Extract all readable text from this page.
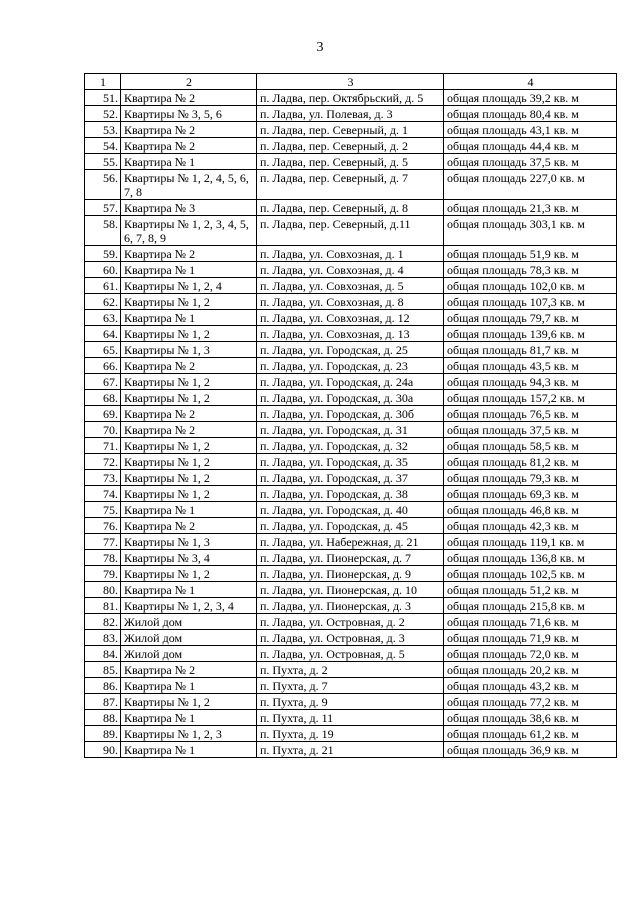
3
1	2	3	4
51.	Квартира № 2	п. Ладва, пер. Октябрьский, д. 5	общая площадь 39,2 кв. м
52.	Квартиры № 3, 5, 6	п. Ладва, ул. Полевая, д. 3	общая площадь 80,4 кв. м
53.	Квартира № 2	п. Ладва, пер. Северный, д. 1	общая площадь 43,1 кв. м
54.	Квартира № 2	п. Ладва, пер. Северный, д. 2	общая площадь 44,4 кв. м
55.	Квартира № 1	п. Ладва, пер. Северный, д. 5	общая площадь 37,5 кв. м
56.	Квартиры № 1, 2, 4, 5, 6, 7, 8	п. Ладва, пер. Северный, д. 7	общая площадь 227,0 кв. м
57.	Квартира № 3	п. Ладва, пер. Северный, д. 8	общая площадь 21,3 кв. м
58.	Квартиры № 1, 2, 3, 4, 5, 6, 7, 8, 9	п. Ладва, пер. Северный, д.11	общая площадь 303,1 кв. м
59.	Квартира № 2	п. Ладва, ул. Совхозная, д. 1	общая площадь 51,9 кв. м
60.	Квартира № 1	п. Ладва, ул. Совхозная, д. 4	общая площадь 78,3 кв. м
61.	Квартиры № 1, 2, 4	п. Ладва, ул. Совхозная, д. 5	общая площадь 102,0 кв. м
62.	Квартиры № 1, 2	п. Ладва, ул. Совхозная, д. 8	общая площадь 107,3 кв. м
63.	Квартира № 1	п. Ладва, ул. Совхозная, д. 12	общая площадь 79,7 кв. м
64.	Квартиры № 1, 2	п. Ладва, ул. Совхозная, д. 13	общая площадь 139,6 кв. м
65.	Квартиры № 1, 3	п. Ладва, ул. Городская, д. 25	общая площадь 81,7 кв. м
66.	Квартира № 2	п. Ладва, ул. Городская, д. 23	общая площадь 43,5 кв. м
67.	Квартиры № 1, 2	п. Ладва, ул. Городская, д. 24а	общая площадь 94,3 кв. м
68.	Квартиры № 1, 2	п. Ладва, ул. Городская, д. 30а	общая площадь 157,2 кв. м
69.	Квартира № 2	п. Ладва, ул. Городская, д. 30б	общая площадь 76,5 кв. м
70.	Квартира № 2	п. Ладва, ул. Городская, д. 31	общая площадь 37,5 кв. м
71.	Квартиры № 1, 2	п. Ладва, ул. Городская, д. 32	общая площадь 58,5 кв. м
72.	Квартиры № 1, 2	п. Ладва, ул. Городская, д. 35	общая площадь 81,2 кв. м
73.	Квартиры № 1, 2	п. Ладва, ул. Городская, д. 37	общая площадь 79,3 кв. м
74.	Квартиры № 1, 2	п. Ладва, ул. Городская, д. 38	общая площадь 69,3 кв. м
75.	Квартира № 1	п. Ладва, ул. Городская, д. 40	общая площадь 46,8 кв. м
76.	Квартира № 2	п. Ладва, ул. Городская, д. 45	общая площадь 42,3 кв. м
77.	Квартиры № 1, 3	п. Ладва, ул. Набережная, д. 21	общая площадь 119,1 кв. м
78.	Квартиры № 3, 4	п. Ладва, ул. Пионерская, д. 7	общая площадь 136,8 кв. м
79.	Квартиры № 1, 2	п. Ладва, ул. Пионерская, д. 9	общая площадь 102,5 кв. м
80.	Квартира № 1	п. Ладва, ул. Пионерская, д. 10	общая площадь 51,2 кв. м
81.	Квартиры № 1, 2, 3, 4	п. Ладва, ул. Пионерская, д. 3	общая площадь 215,8 кв. м
82.	Жилой дом	п. Ладва, ул. Островная, д. 2	общая площадь 71,6 кв. м
83.	Жилой дом	п. Ладва, ул. Островная, д. 3	общая площадь 71,9 кв. м
84.	Жилой дом	п. Ладва, ул. Островная, д. 5	общая площадь 72,0 кв. м
85.	Квартира № 2	п. Пухта, д. 2	общая площадь 20,2 кв. м
86.	Квартира № 1	п. Пухта, д. 7	общая площадь 43,2 кв. м
87.	Квартиры № 1, 2	п. Пухта, д. 9	общая площадь 77,2 кв. м
88.	Квартира № 1	п. Пухта, д. 11	общая площадь 38,6 кв. м
89.	Квартиры № 1, 2, 3	п. Пухта, д. 19	общая площадь 61,2 кв. м
90.	Квартира № 1	п. Пухта, д. 21	общая площадь 36,9 кв. м
